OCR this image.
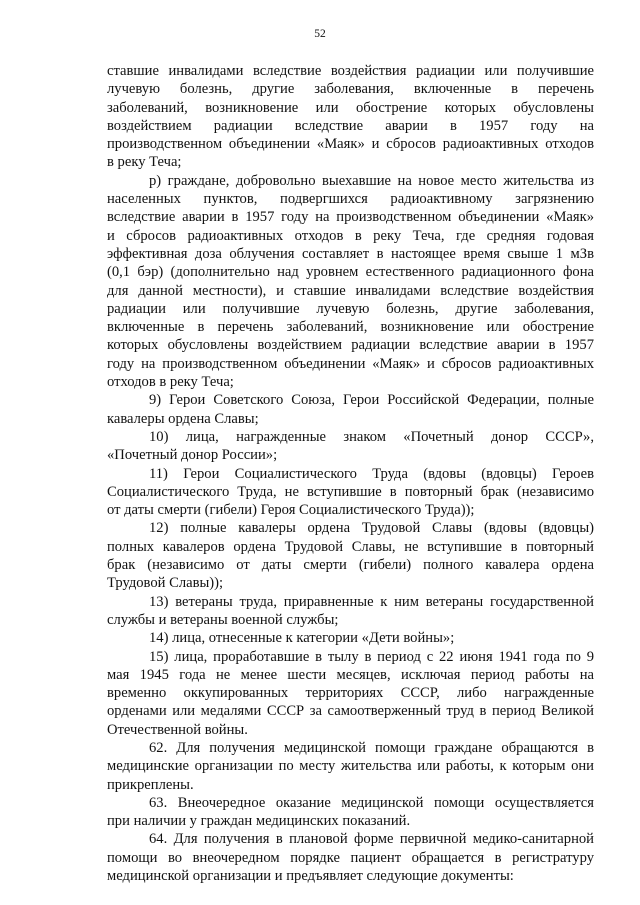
52
ставшие инвалидами вследствие воздействия радиации или получившие
лучевую болезнь, другие заболевания, включенные в перечень
заболеваний, возникновение или обострение которых обусловлены
воздействием радиации вследствие аварии в 1957 году на
производственном объединении «Маяк» и сбросов радиоактивных отходов
в реку Теча;
р) граждане, добровольно выехавшие на новое место жительства из
населенных пунктов, подвергшихся радиоактивному загрязнению
вследствие аварии в 1957 году на производственном объединении «Маяк»
и сбросов радиоактивных отходов в реку Теча, где средняя годовая
эффективная доза облучения составляет в настоящее время свыше 1 мЗв
(0,1 бэр) (дополнительно над уровнем естественного радиационного фона
для данной местности), и ставшие инвалидами вследствие воздействия
радиации или получившие лучевую болезнь, другие заболевания,
включенные в перечень заболеваний, возникновение или обострение
которых обусловлены воздействием радиации вследствие аварии в 1957
году на производственном объединении «Маяк» и сбросов радиоактивных
отходов в реку Теча;
9) Герои Советского Союза, Герои Российской Федерации, полные
кавалеры ордена Славы;
10) лица, награжденные знаком «Почетный донор СССР»,
«Почетный донор России»;
11) Герои Социалистического Труда (вдовы (вдовцы) Героев
Социалистического Труда, не вступившие в повторный брак (независимо
от даты смерти (гибели) Героя Социалистического Труда));
12) полные кавалеры ордена Трудовой Славы (вдовы (вдовцы)
полных кавалеров ордена Трудовой Славы, не вступившие в повторный
брак (независимо от даты смерти (гибели) полного кавалера ордена
Трудовой Славы));
13) ветераны труда, приравненные к ним ветераны государственной
службы и ветераны военной службы;
14) лица, отнесенные к категории «Дети войны»;
15) лица, проработавшие в тылу в период с 22 июня 1941 года по 9
мая 1945 года не менее шести месяцев, исключая период работы на
временно оккупированных территориях СССР, либо награжденные
орденами или медалями СССР за самоотверженный труд в период Великой
Отечественной войны.
62. Для получения медицинской помощи граждане обращаются в
медицинские организации по месту жительства или работы, к которым они
прикреплены.
63. Внеочередное оказание медицинской помощи осуществляется
при наличии у граждан медицинских показаний.
64. Для получения в плановой форме первичной медико-санитарной
помощи во внеочередном порядке пациент обращается в регистратуру
медицинской организации и предъявляет следующие документы:
